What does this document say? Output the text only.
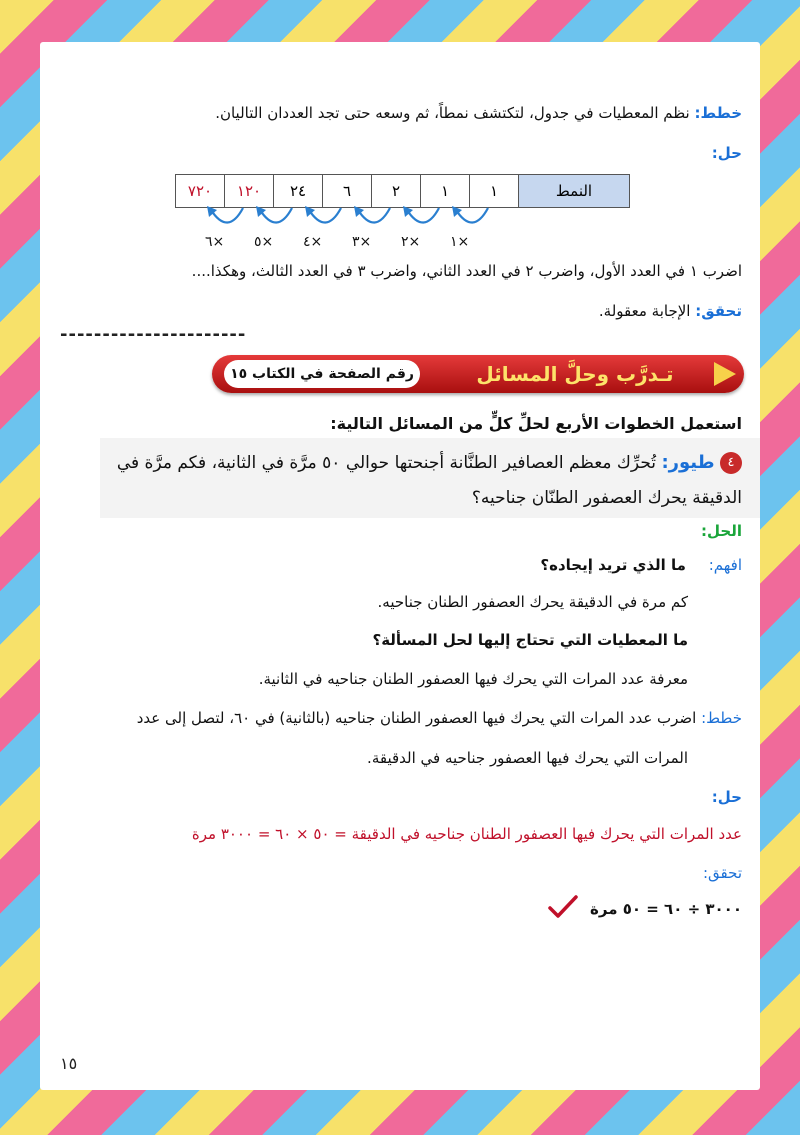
خطط: نظم المعطيات في جدول، لتكتشف نمطاً، ثم وسعه حتى تجد العددان التاليان.
حل:
النمط	١	١	٢	٦	٢٤	١٢٠	٧٢٠
×١
×٢
×٣
×٤
×٥
×٦
اضرب ١ في العدد الأول، واضرب ٢ في العدد الثاني، واضرب ٣ في العدد الثالث، وهكذا....
تحقق: الإجابة معقولة.
----------------------
تـدرَّب وحلَّ المسائل
رقم الصفحة في الكتاب ١٥
استعمل الخطوات الأربع لحلِّ كلٍّ من المسائل التالية:
٤ طيور: تُحرِّك معظم العصافير الطنَّانة أجنحتها حوالي ٥٠ مرَّة في الثانية، فكم مرَّة في
الدقيقة يحرك العصفور الطنّان جناحيه؟
الحل:
افهم: ما الذي تريد إيجاده؟
كم مرة في الدقيقة يحرك العصفور الطنان جناحيه.
ما المعطيات التي تحتاج إليها لحل المسألة؟
معرفة عدد المرات التي يحرك فيها العصفور الطنان جناحيه في الثانية.
خطط: اضرب عدد المرات التي يحرك فيها العصفور الطنان جناحيه (بالثانية) في ٦٠، لتصل إلى عدد
المرات التي يحرك فيها العصفور جناحيه في الدقيقة.
حل:
عدد المرات التي يحرك فيها العصفور الطنان جناحيه في الدقيقة = ٥٠ × ٦٠ = ٣٠٠٠ مرة
تحقق:
٣٠٠٠ ÷ ٦٠ = ٥٠ مرة
١٥
